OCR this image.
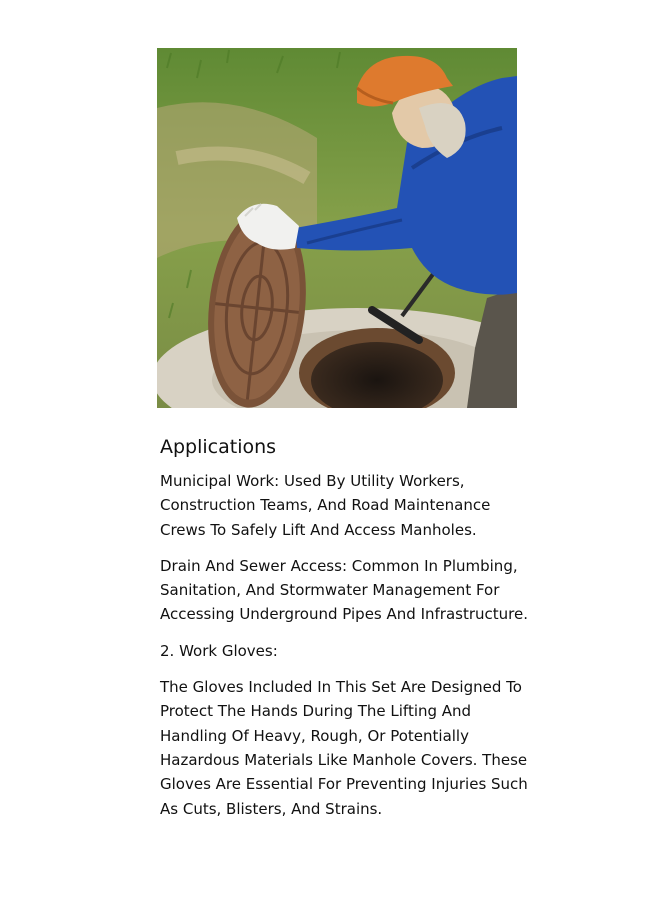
Applications

Municipal Work: Used By Utility Workers, Construction Teams, And Road Maintenance Crews To Safely Lift And Access Manholes.

Drain And Sewer Access: Common In Plumbing, Sanitation, And Stormwater Management For Accessing Underground Pipes And Infrastructure.

2. Work Gloves:

The Gloves Included In This Set Are Designed To Protect The Hands During The Lifting And Handling Of Heavy, Rough, Or Potentially Hazardous Materials Like Manhole Covers. These Gloves Are Essential For Preventing Injuries Such As Cuts, Blisters, And Strains.
